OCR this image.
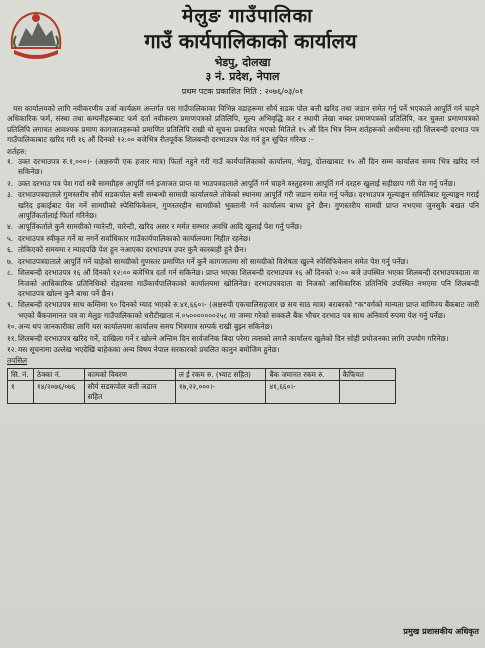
मेलुङ गाउँपालिका
गाउँ कार्यपालिकाको कार्यालय
भेडपु, दोलखा
३ नं. प्रदेश, नेपाल
प्रथम पटक प्रकाशित मिति : २०७६/०३/०१

यस कार्यालयको लागि नवीकरणीय उर्जा कार्यक्रम अन्तर्गत यस गाउँपालिकाका विभिन्न वडाहरूमा सौर्य सडक पोल बत्ती खरिद तथा जडान समेत गर्नु पर्ने भएकाले आपूर्ति गर्न चाहने अधिकारिक फर्म, संस्था तथा कम्पनीहरूबाट फर्म दर्ता नवीकरण प्रमाणपत्रको प्रतिलिपि, मूल्य अभिवृद्धि कर र स्थायी लेखा नम्बर प्रमाणपत्रको प्रतिलिपि, कर चुक्ता प्रमाणपत्रको प्रतिलिपि लगायत आवश्यक प्रमाण कागजातहरूको प्रमाणित प्रतिलिपि राखी यो सूचना प्रकाशित भएको मितिले १५ औं दिन भित्र निम्न शर्तहरूको अधीनमा रही शिलबन्दी दरभाउ पत्र गाउँपालिकाबाट खरिद गरी १६ औं दिनको १२:०० बजेभित्र रीतपूर्वक शिलबन्दी दरभाउपत्र पेश गर्न हुन सूचित गरिन्छ :-

शर्तहरु:
१. उक्त दरभाउपत्र रु.१,०००।- (अक्षरुपी एक हजार मात्र) फिर्ता नहुने गरी गाउँ कार्यपालिकाको कार्यालय, भेडपु, दोलखाबाट १५ औं दिन सम्म कार्यालय समय भित्र खरिद गर्न सकिनेछ।
२. उक्त दरभाउ पत्र पेश गर्दा सबै सामग्रीहरु आपूर्ति गर्न इजाजत प्राप्त वा भाउपत्रदाताले आपूर्ति गर्न चाहने वस्तुहरुमा आपूर्ति गर्न दरहरु खुलाई सहीछाप गरी पेश गर्नु पर्नेछ।
३. दरभाउपत्रदाताले गुणस्तरीय सौर्य सडकपोल बत्ती सम्बन्धी सामाग्री कार्यालयले तोकेको स्थानमा आपूर्ति गरी जडान समेत गर्नु पर्नेछ। दरभाउपत्र मूल्याङ्कन समितिबाट मूल्याङ्कन गराई खरिद इकाईबाट पेश गर्ने सामग्रीको स्पेसिफिकेसन, गुणस्तरहीन सामग्रीको भुक्तानी गर्न कार्यालय बाध्य हुने छैन। गुणस्तरीय सामग्री प्राप्त नभएमा जुनसुकै बखत पनि आपूर्तिकर्तालाई फिर्ता गरिनेछ।
४. आपूर्तिकर्ताले कुनै सामग्रीको ग्यारेन्टी, वारेन्टी, खरिद असर र मर्मत सम्भार अवधि आदि खुलाई पेश गर्नु पर्नेछ।
५. दरभाउपत्र स्वीकृत गर्ने वा नगर्ने सर्वाधिकार गाउँकार्यपालिकाको कार्यालयमा निहीत रहनेछ।
६. तोकिएको समयमा र म्यादपछि पेश हुन नआएका दरभाउपत्र उपर कुनै कारबाही हुने छैन।
७. दरभाउपत्रदाताले आपूर्ति गर्ने चाहेको सामग्रीको गुणस्तर प्रमाणित गर्ने कुनै कागजातमा सो सामग्रीको विशेषता खुल्ने स्पेसिफिकेसन समेत पेश गर्नु पर्नेछ।
८. शिलबन्दी दरभाउपत्र १६ औं दिनको १२:०० बजेभित्र दर्ता गर्न सकिनेछ। प्राप्त भएका शिलबन्दी दरभाउपत्र १६ औं दिनको २:०० बजे उपस्थित भएका शिलबन्दी दरभाउपत्रदाता वा निजको आधिकारिक प्रतिनिधिको रोहवरमा गाउँकार्यपालिकाको कार्यालयमा खोलिनेछ। दरभाउपत्रदाता वा निजको आधिकारिक प्रतिनिधि उपस्थित नभएमा पनि शिलबन्दी दरभाउपत्र खोल्न कुनै बाधा पर्ने छैन।
९. शिलबन्दी दरभाउपत्र साथ कम्तिमा ९० दिनको म्याद भएको रु.४१,६६०।- (अक्षरुपी एकचालिसहजार छ सय साठ मात्र) बराबरको "क"वर्गको मान्यता प्राप्त वाणिज्य बैंकबाट जारी भएको बैंकजमानत पत्र वा मेलुङ गाउँपालिकाको धरौटीखाता नं.०५०००००००२५८ मा जम्मा गरेको सक्कलै बैंक भौचर दरभाउ पत्र साथ अनिवार्य रुपमा पेश गर्नु पर्नेछ।
१०. अन्य थप जानकारीका लागि यस कार्यालयमा कार्यालय समय भित्रमात्र सम्पर्क राखी बुझ्न सकिनेछ।
११. शिलबन्दी दरभाउपत्र खरिद गर्ने, दाखिला गर्ने र खोल्ने अन्तिम दिन सार्वजनिक बिदा परेमा त्यसको लगत्तै कार्यालय खुलेको दिन सोही प्रयोजनका लागि उपयोग गरिनेछ।
१२. यस सूचनामा उल्लेख भएदेखि बाहेकका अन्य विषय नेपाल सरकारको प्रचलित कानुन बमोजिम हुनेछ।
तपसिल
सि. नं.	ठेक्का नं.	कामको विवरण	ल ई रकम रु. (भ्याट सहित)	बैंक जमानत रकम रु.	कैफियत
१	१४/२०७६/०७६	सौर्य सडकपोल बत्ती जडान सहित	१७,२२,०००।-	४१,६६०।-	
प्रमुख प्रशासकीय अधिकृत
